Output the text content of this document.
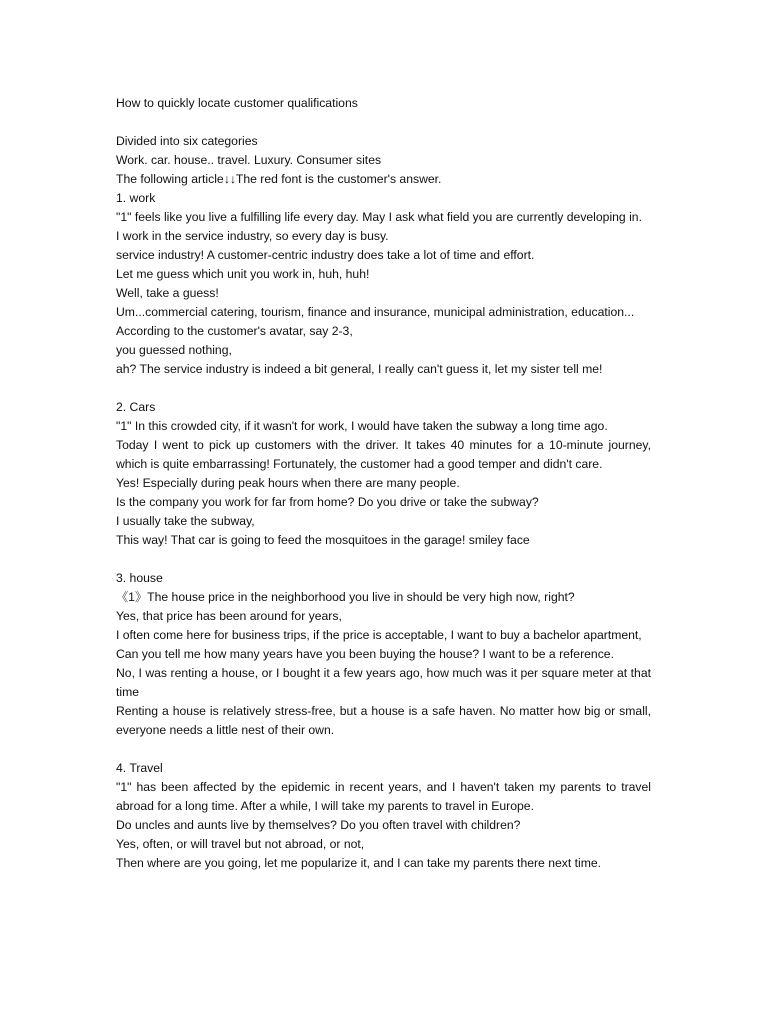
How to quickly locate customer qualifications

Divided into six categories

Work. car. house.. travel. Luxury. Consumer sites

The following article↓↓The red font is the customer's answer.

1. work

"1" feels like you live a fulfilling life every day. May I ask what field you are currently developing in.

I work in the service industry, so every day is busy.

service industry! A customer-centric industry does take a lot of time and effort.

Let me guess which unit you work in, huh, huh!

Well, take a guess!

Um...commercial catering, tourism, finance and insurance, municipal administration, education...

According to the customer's avatar, say 2-3,

you guessed nothing,

ah? The service industry is indeed a bit general, I really can't guess it, let my sister tell me!

2. Cars

"1" In this crowded city, if it wasn't for work, I would have taken the subway a long time ago.

Today I went to pick up customers with the driver. It takes 40 minutes for a 10-minute journey, which is quite embarrassing! Fortunately, the customer had a good temper and didn't care.

Yes! Especially during peak hours when there are many people.

Is the company you work for far from home? Do you drive or take the subway?

I usually take the subway,

This way! That car is going to feed the mosquitoes in the garage! smiley face

3. house

《1》The house price in the neighborhood you live in should be very high now, right?

Yes, that price has been around for years,

I often come here for business trips, if the price is acceptable, I want to buy a bachelor apartment,

Can you tell me how many years have you been buying the house? I want to be a reference.

No, I was renting a house, or I bought it a few years ago, how much was it per square meter at that time

Renting a house is relatively stress-free, but a house is a safe haven. No matter how big or small, everyone needs a little nest of their own.

4. Travel

"1" has been affected by the epidemic in recent years, and I haven't taken my parents to travel abroad for a long time. After a while, I will take my parents to travel in Europe.

Do uncles and aunts live by themselves? Do you often travel with children?

Yes, often, or will travel but not abroad, or not,

Then where are you going, let me popularize it, and I can take my parents there next time.
